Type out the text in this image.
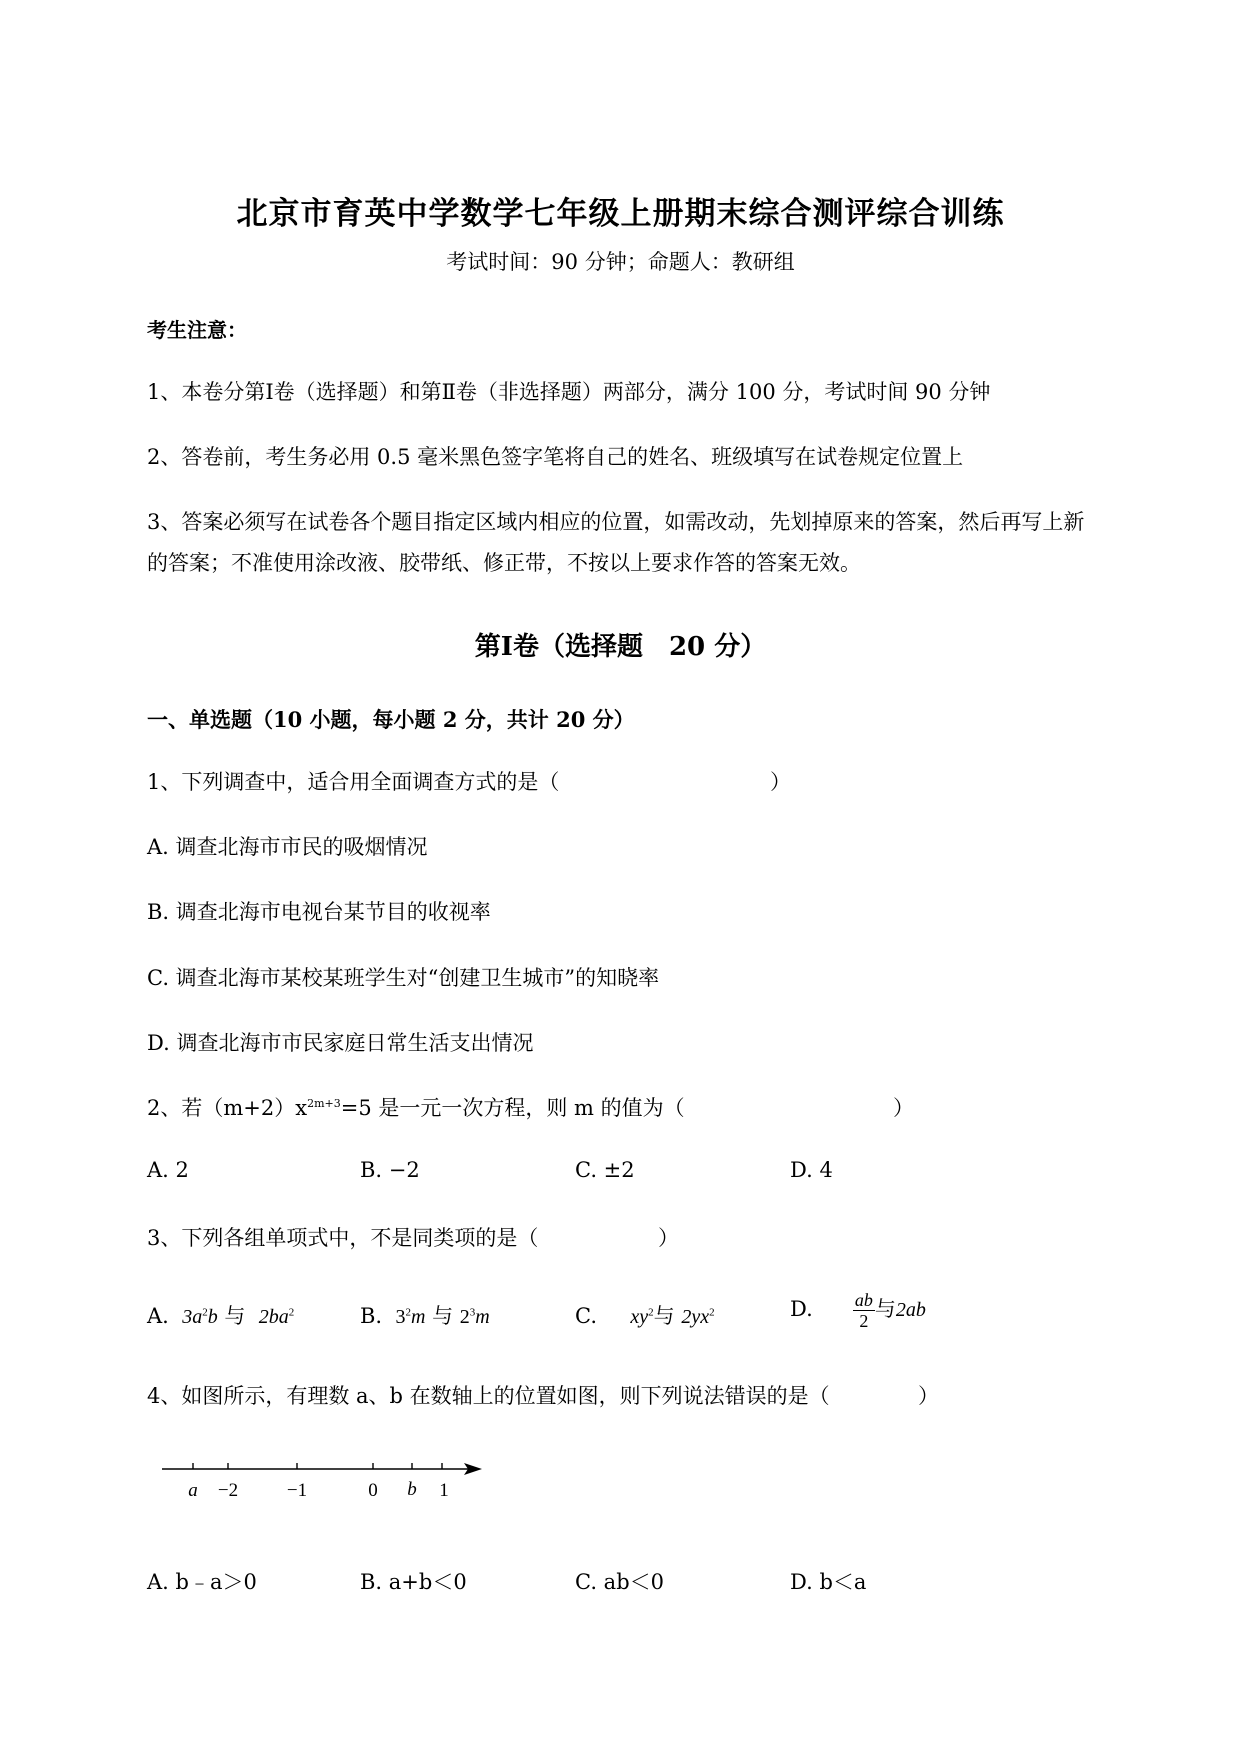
北京市育英中学数学七年级上册期末综合测评综合训练
考试时间：90 分钟；命题人：教研组
考生注意：
1、本卷分第Ⅰ卷（选择题）和第Ⅱ卷（非选择题）两部分，满分 100 分，考试时间 90 分钟
2、答卷前，考生务必用 0.5 毫米黑色签字笔将自己的姓名、班级填写在试卷规定位置上
3、答案必须写在试卷各个题目指定区域内相应的位置，如需改动，先划掉原来的答案，然后再写上新
的答案；不准使用涂改液、胶带纸、修正带，不按以上要求作答的答案无效。
第Ⅰ卷（选择题　20 分）
一、单选题（10 小题，每小题 2 分，共计 20 分）
1、下列调查中，适合用全面调查方式的是（	）
A. 调查北海市市民的吸烟情况
B. 调查北海市电视台某节目的收视率
C. 调查北海市某校某班学生对“创建卫生城市”的知晓率
D. 调查北海市市民家庭日常生活支出情况
2、若$(m+2)x^{2m+3}=5$ 是一元一次方程，则 m 的值为（	）
A. 2	B. −2	C. ±2	D. 4
3、下列各组单项式中，不是同类项的是（	）
A. $3a^2b$ 与 $2ba^2$	B. $3^2m$ 与 $2^3m$	C. $xy^2$与 $2yx^2$	D. $\frac{ab}{2}$ 与2ab
4、如图所示，有理数 a、b 在数轴上的位置如图，则下列说法错误的是（	）
a −2	−1	0 b 1
A. b﹣a＞0	B. a+b＜0	C. ab＜0	D. b＜a
